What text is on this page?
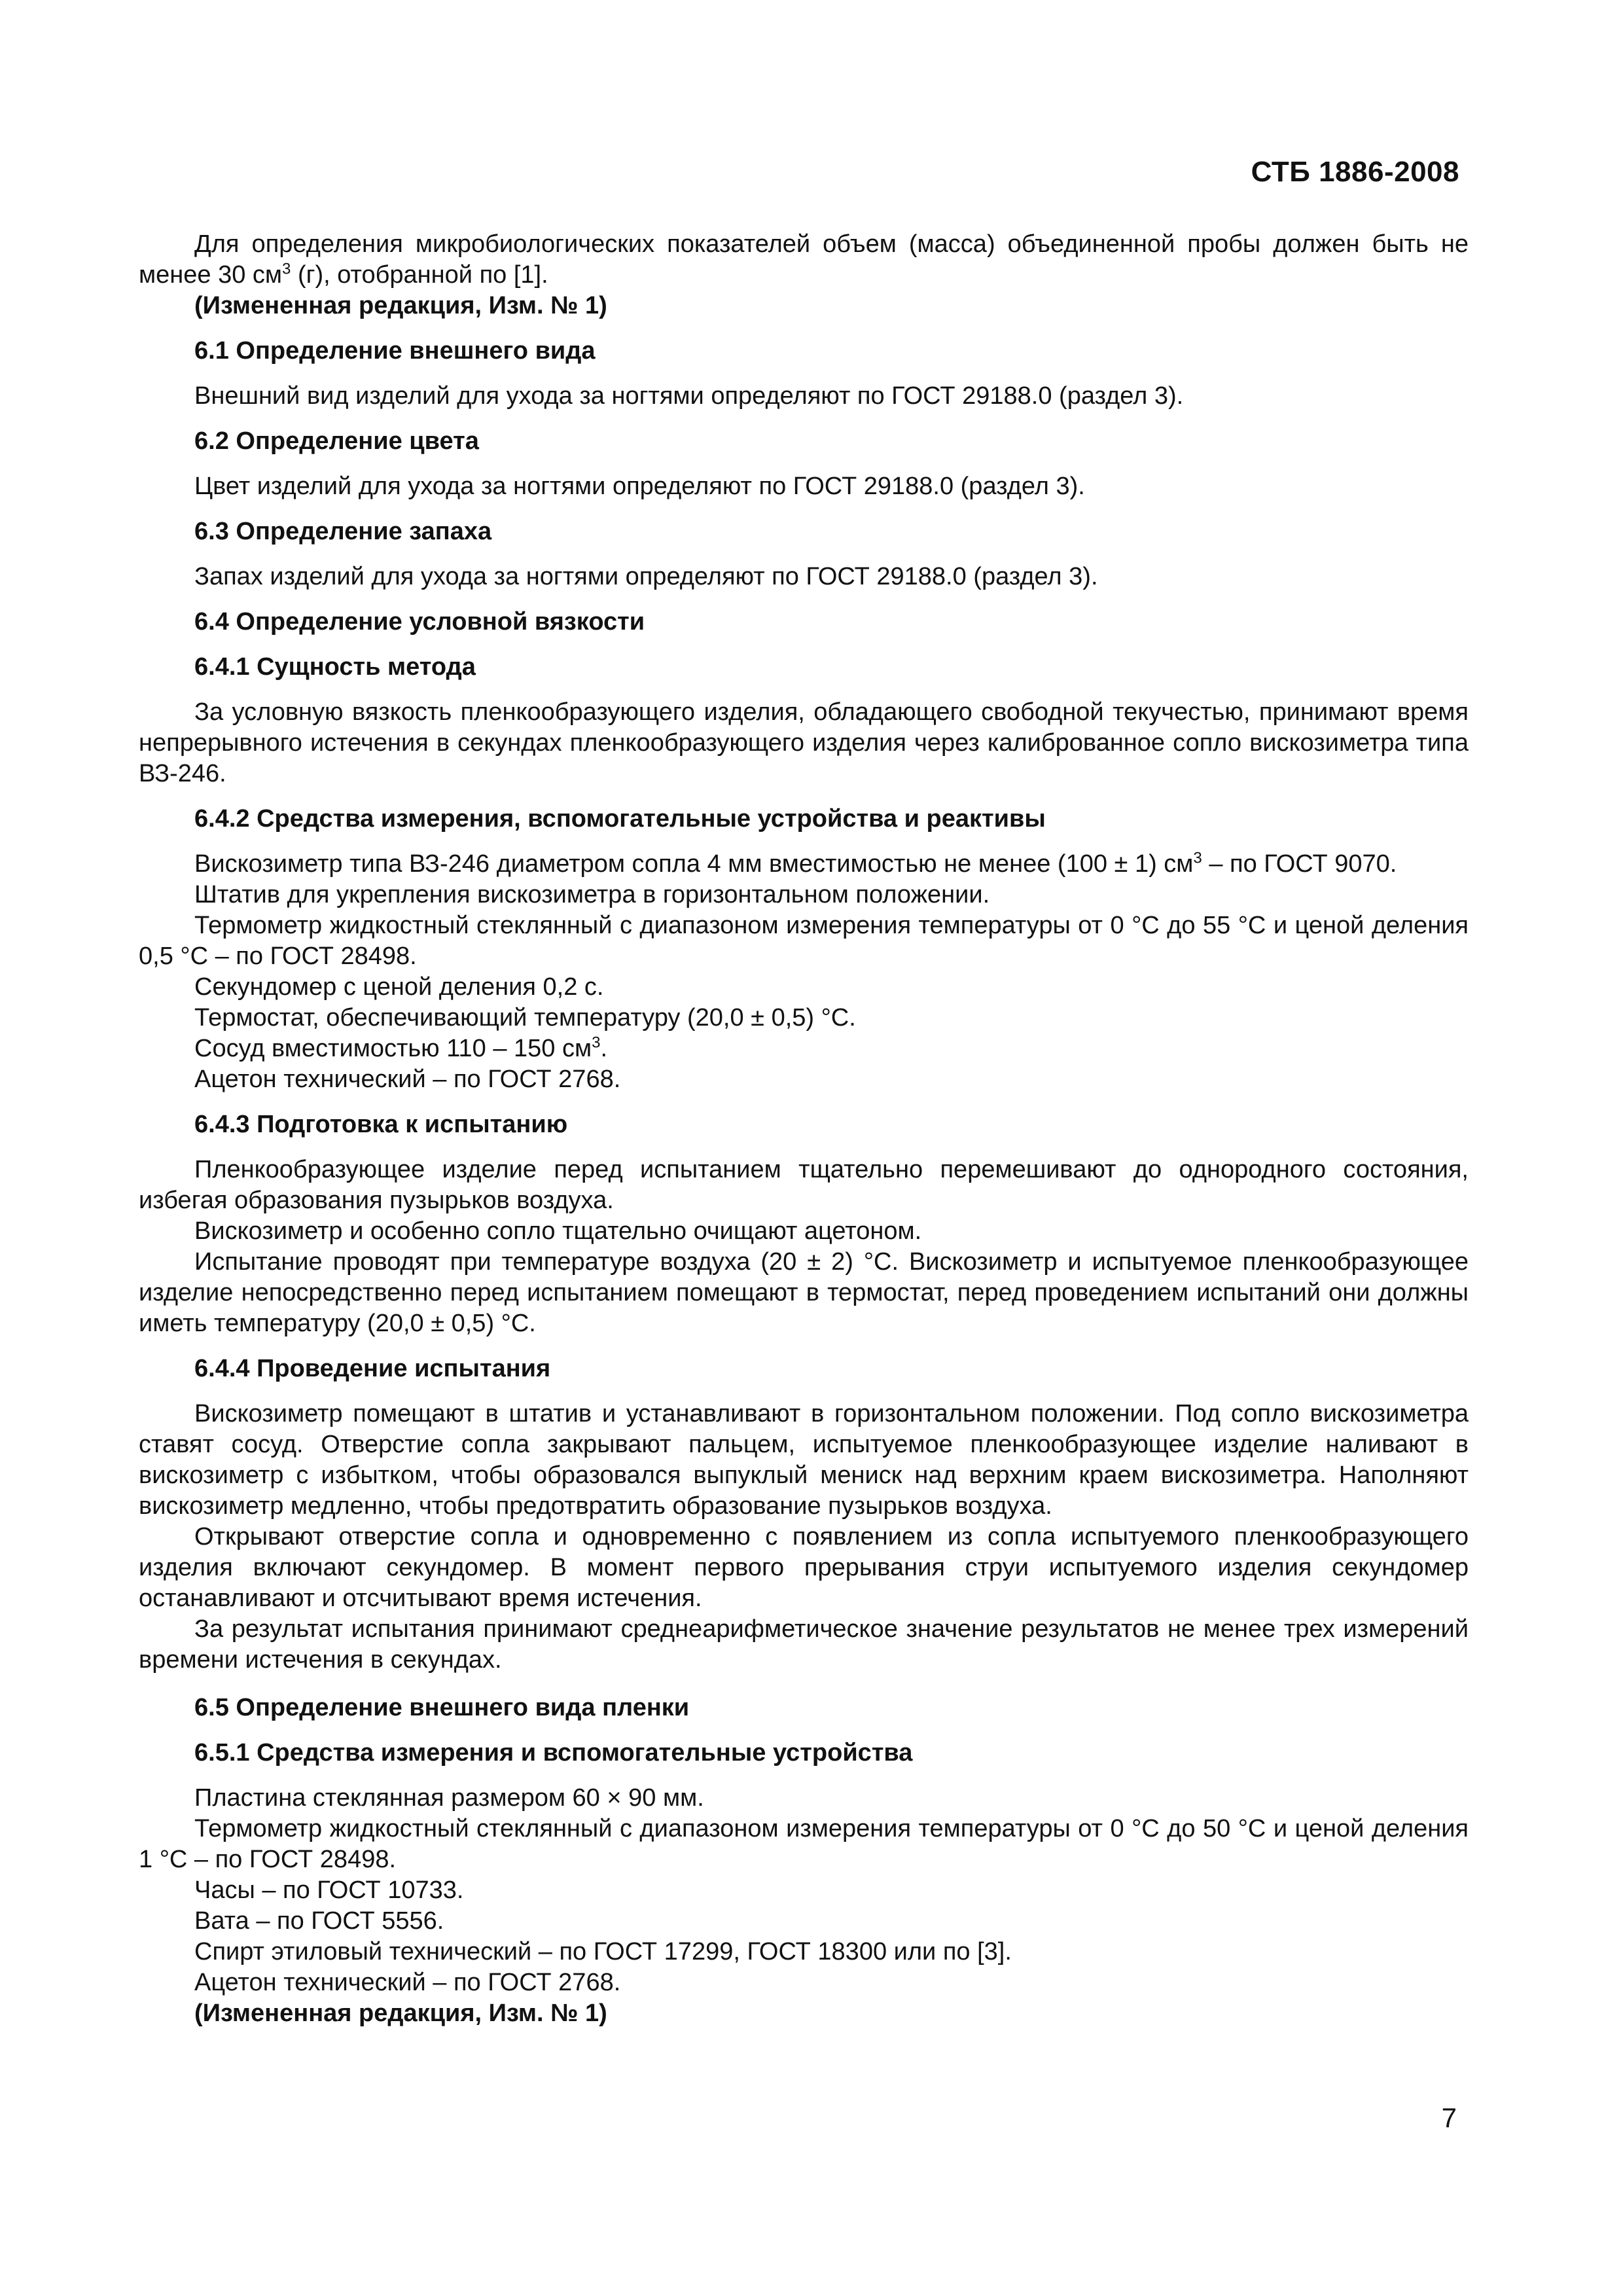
СТБ 1886-2008

Для определения микробиологических показателей объем (масса) объединенной пробы должен быть не менее 30 $см^3$ (г), отобранной по [1].

(Измененная редакция, Изм. № 1)

6.1 Определение внешнего вида

Внешний вид изделий для ухода за ногтями определяют по ГОСТ 29188.0 (раздел 3).

6.2 Определение цвета

Цвет изделий для ухода за ногтями определяют по ГОСТ 29188.0 (раздел 3).

6.3 Определение запаха

Запах изделий для ухода за ногтями определяют по ГОСТ 29188.0 (раздел 3).

6.4 Определение условной вязкости

6.4.1 Сущность метода

За условную вязкость пленкообразующего изделия, обладающего свободной текучестью, принимают время непрерывного истечения в секундах пленкообразующего изделия через калиброванное сопло вискозиметра типа ВЗ-246.

6.4.2 Средства измерения, вспомогательные устройства и реактивы

Вискозиметр типа ВЗ-246 диаметром сопла 4 мм вместимостью не менее (100 ± 1) $см^3$ – по ГОСТ 9070.

Штатив для укрепления вискозиметра в горизонтальном положении.

Термометр жидкостный стеклянный с диапазоном измерения температуры от 0 °С до 55 °С и ценой деления 0,5 °С – по ГОСТ 28498.

Секундомер с ценой деления 0,2 с.

Термостат, обеспечивающий температуру (20,0 ± 0,5) °С.

Сосуд вместимостью 110 – 150 $см^3$.

Ацетон технический – по ГОСТ 2768.

6.4.3 Подготовка к испытанию

Пленкообразующее изделие перед испытанием тщательно перемешивают до однородного состояния, избегая образования пузырьков воздуха.

Вискозиметр и особенно сопло тщательно очищают ацетоном.

Испытание проводят при температуре воздуха (20 ± 2) °С. Вискозиметр и испытуемое пленкообразующее изделие непосредственно перед испытанием помещают в термостат, перед проведением испытаний они должны иметь температуру (20,0 ± 0,5) °С.

6.4.4 Проведение испытания

Вискозиметр помещают в штатив и устанавливают в горизонтальном положении. Под сопло вискозиметра ставят сосуд. Отверстие сопла закрывают пальцем, испытуемое пленкообразующее изделие наливают в вискозиметр с избытком, чтобы образовался выпуклый мениск над верхним краем вискозиметра. Наполняют вискозиметр медленно, чтобы предотвратить образование пузырьков воздуха.

Открывают отверстие сопла и одновременно с появлением из сопла испытуемого пленкообразующего изделия включают секундомер. В момент первого прерывания струи испытуемого изделия секундомер останавливают и отсчитывают время истечения.

За результат испытания принимают среднеарифметическое значение результатов не менее трех измерений времени истечения в секундах.

6.5 Определение внешнего вида пленки

6.5.1 Средства измерения и вспомогательные устройства

Пластина стеклянная размером 60 × 90 мм.

Термометр жидкостный стеклянный с диапазоном измерения температуры от 0 °С до 50 °С и ценой деления 1 °С – по ГОСТ 28498.

Часы – по ГОСТ 10733.

Вата – по ГОСТ 5556.

Спирт этиловый технический – по ГОСТ 17299, ГОСТ 18300 или по [3].

Ацетон технический – по ГОСТ 2768.

(Измененная редакция, Изм. № 1)

7
